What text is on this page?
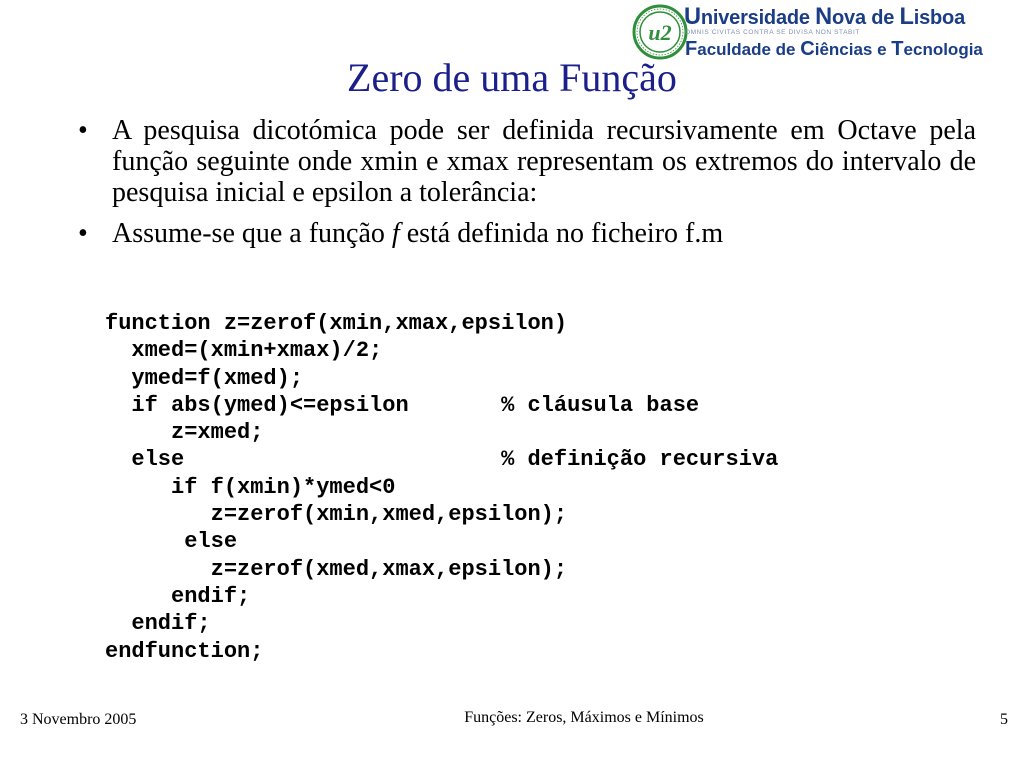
u2
Universidade Nova de Lisboa
OMNIS CIVITAS CONTRA SE DIVISA NON STABIT
Faculdade de Ciências e Tecnologia
Zero de uma Função
• A pesquisa dicotómica pode ser definida recursivamente em Octave pela função seguinte onde xmin e xmax representam os extremos do intervalo de pesquisa inicial e epsilon a tolerância:
• Assume-se que a função f está definida no ficheiro f.m
function z=zerof(xmin,xmax,epsilon)
xmed=(xmin+xmax)/2;
ymed=f(xmed);
if abs(ymed)<=epsilon       % cláusula base
z=xmed;
else                        % definição recursiva
if f(xmin)*ymed<0
z=zerof(xmin,xmed,epsilon);
else
z=zerof(xmed,xmax,epsilon);
endif;
endif;
endfunction;
3 Novembro 2005	Funções: Zeros, Máximos e Mínimos	5
